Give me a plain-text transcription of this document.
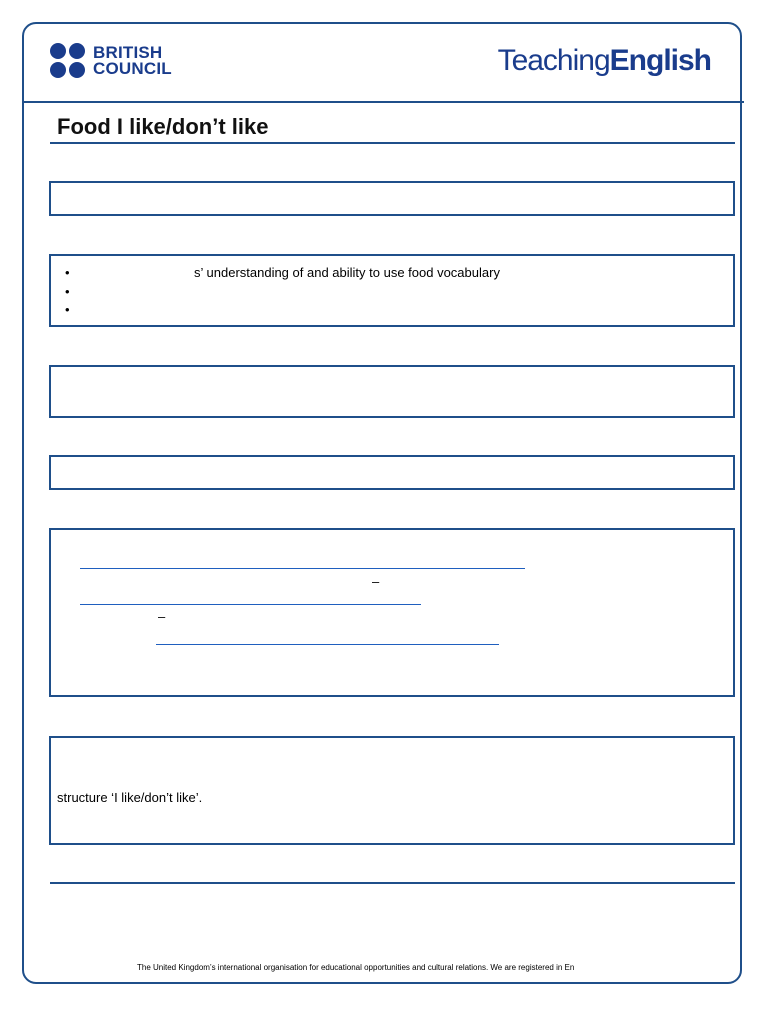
BRITISH
COUNCIL	TeachingEnglish
Food I like/don’t like
•	s’ understanding of and ability to use food vocabulary
•
•
–
–
structure ‘I like/don’t like’.
The United Kingdom’s international organisation for educational opportunities and cultural relations. We are registered in En
